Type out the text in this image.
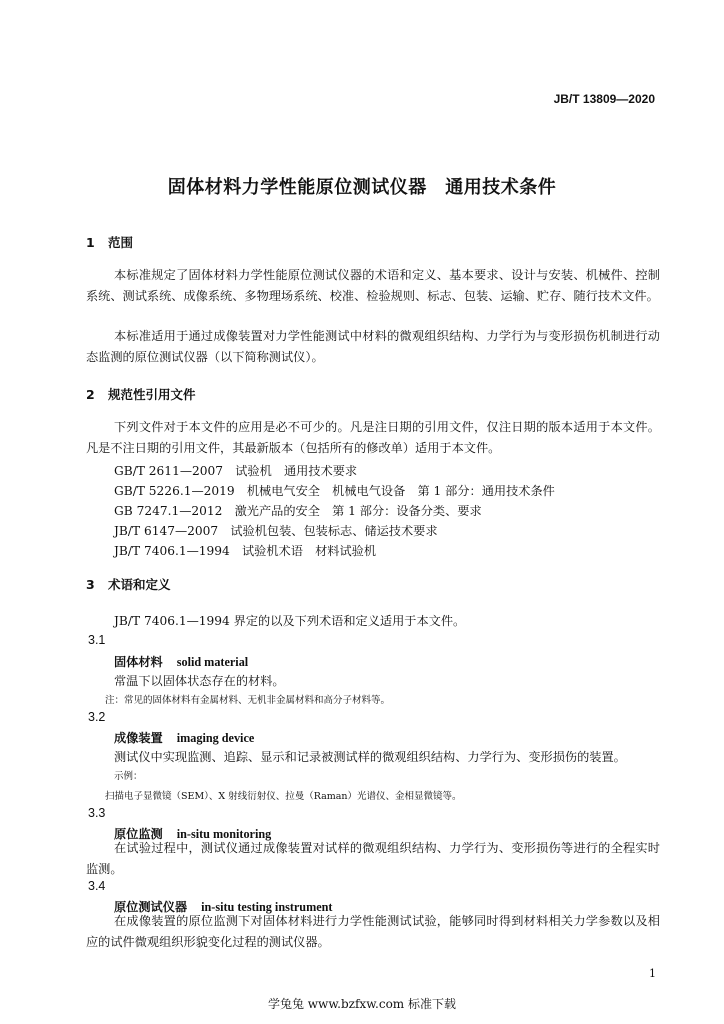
JB/T 13809—2020
固体材料力学性能原位测试仪器　通用技术条件
1 范围
本标准规定了固体材料力学性能原位测试仪器的术语和定义、基本要求、设计与安装、机械件、控制系统、测试系统、成像系统、多物理场系统、校准、检验规则、标志、包装、运输、贮存、随行技术文件。
本标准适用于通过成像装置对力学性能测试中材料的微观组织结构、力学行为与变形损伤机制进行动态监测的原位测试仪器（以下简称测试仪）。
2 规范性引用文件
下列文件对于本文件的应用是必不可少的。凡是注日期的引用文件，仅注日期的版本适用于本文件。凡是不注日期的引用文件，其最新版本（包括所有的修改单）适用于本文件。
GB/T 2611—2007　试验机　通用技术要求
GB/T 5226.1—2019　机械电气安全　机械电气设备　第 1 部分：通用技术条件
GB 7247.1—2012　激光产品的安全　第 1 部分：设备分类、要求
JB/T 6147—2007　试验机包装、包装标志、储运技术要求
JB/T 7406.1—1994　试验机术语　材料试验机
3 术语和定义
JB/T 7406.1—1994 界定的以及下列术语和定义适用于本文件。
3.1
固体材料 solid material
常温下以固体状态存在的材料。
注：常见的固体材料有金属材料、无机非金属材料和高分子材料等。
3.2
成像装置 imaging device
测试仪中实现监测、追踪、显示和记录被测试样的微观组织结构、力学行为、变形损伤的装置。
示例：
扫描电子显微镜（SEM）、X 射线衍射仪、拉曼（Raman）光谱仪、金相显微镜等。
3.3
原位监测 in-situ monitoring
在试验过程中，测试仪通过成像装置对试样的微观组织结构、力学行为、变形损伤等进行的全程实时监测。
3.4
原位测试仪器 in-situ testing instrument
在成像装置的原位监测下对固体材料进行力学性能测试试验，能够同时得到材料相关力学参数以及相应的试件微观组织形貌变化过程的测试仪器。
1
学兔兔 www.bzfxw.com 标准下载
